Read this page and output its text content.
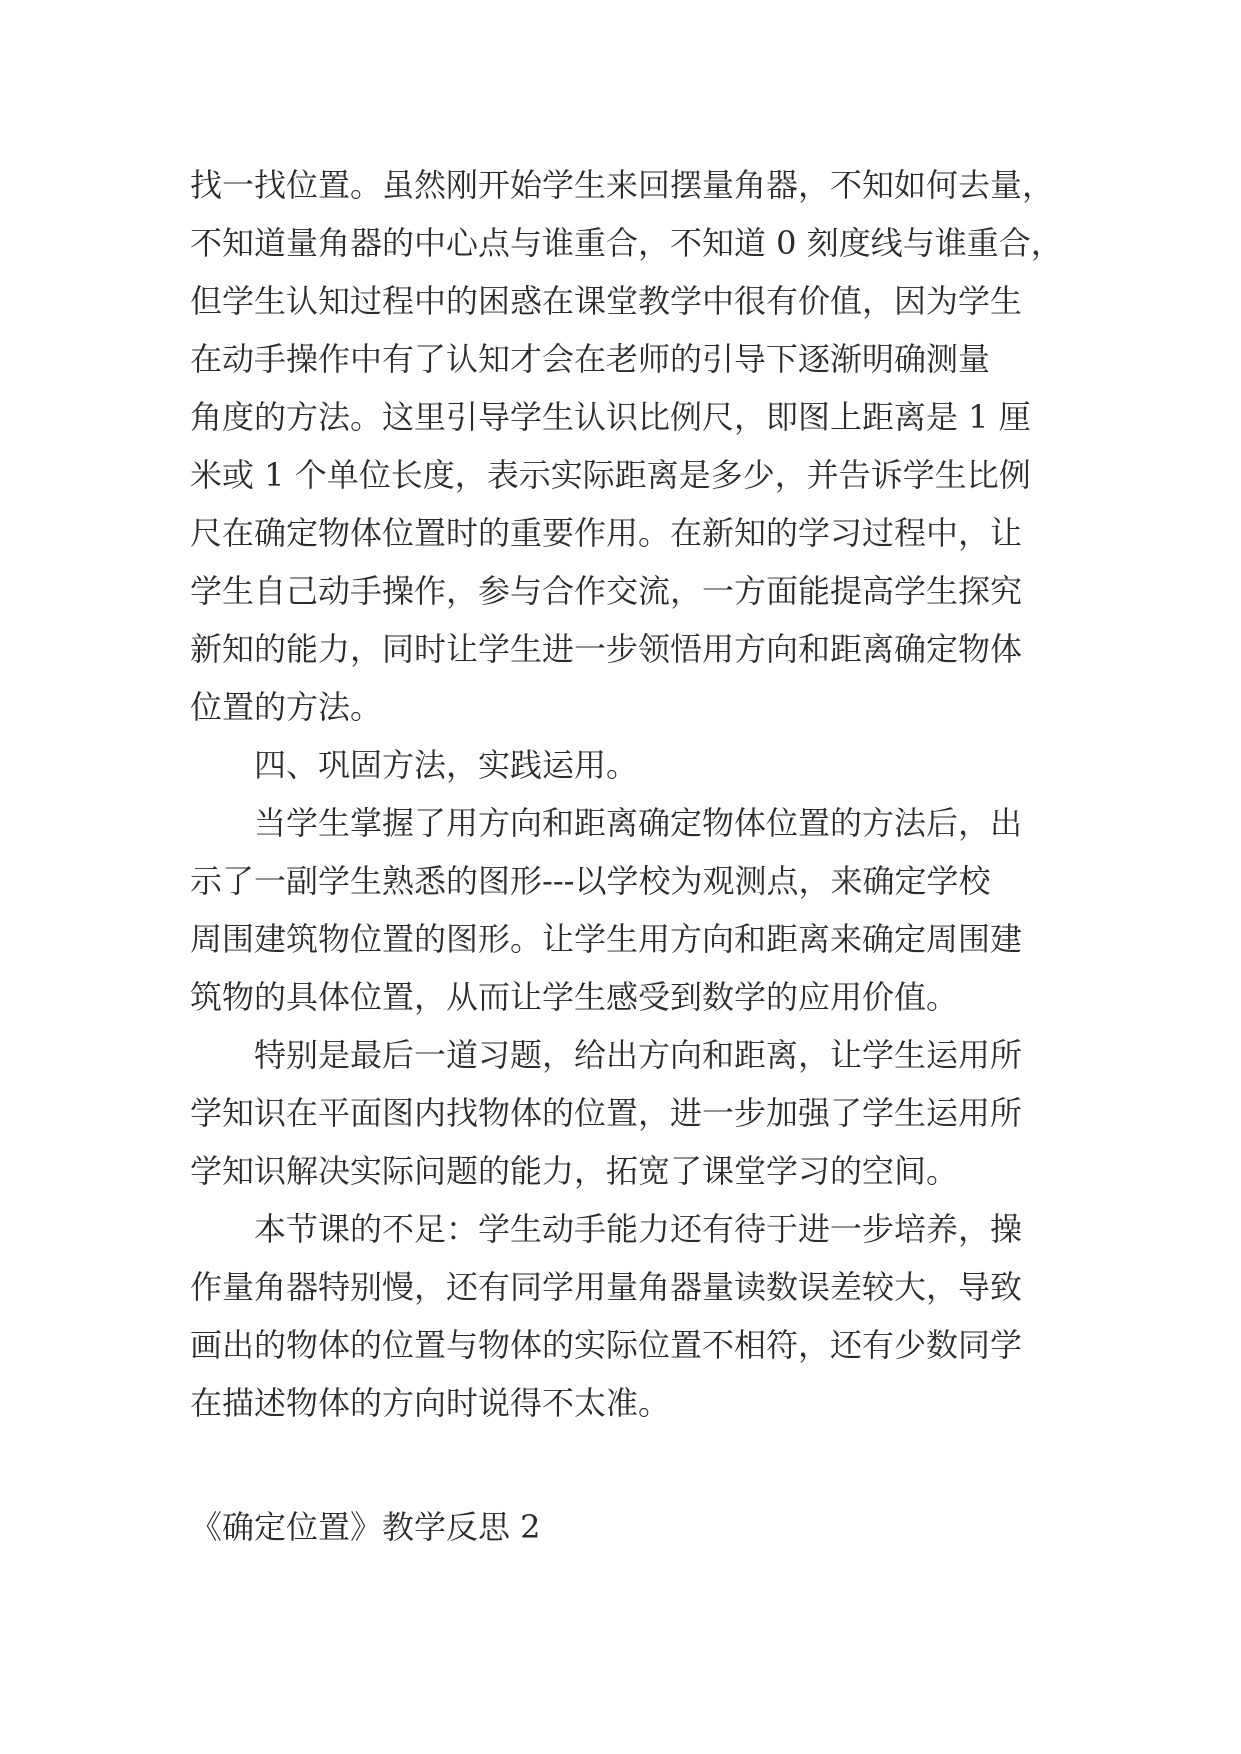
找一找位置。虽然刚开始学生来回摆量角器，不知如何去量，
不知道量角器的中心点与谁重合，不知道 0 刻度线与谁重合，
但学生认知过程中的困惑在课堂教学中很有价值，因为学生
在动手操作中有了认知才会在老师的引导下逐渐明确测量
角度的方法。这里引导学生认识比例尺，即图上距离是 1 厘
米或 1 个单位长度，表示实际距离是多少，并告诉学生比例
尺在确定物体位置时的重要作用。在新知的学习过程中，让
学生自己动手操作，参与合作交流，一方面能提高学生探究
新知的能力，同时让学生进一步领悟用方向和距离确定物体
位置的方法。
四、巩固方法，实践运用。
当学生掌握了用方向和距离确定物体位置的方法后，出
示了一副学生熟悉的图形---以学校为观测点，来确定学校
周围建筑物位置的图形。让学生用方向和距离来确定周围建
筑物的具体位置，从而让学生感受到数学的应用价值。
特别是最后一道习题，给出方向和距离，让学生运用所
学知识在平面图内找物体的位置，进一步加强了学生运用所
学知识解决实际问题的能力，拓宽了课堂学习的空间。
本节课的不足：学生动手能力还有待于进一步培养，操
作量角器特别慢，还有同学用量角器量读数误差较大，导致
画出的物体的位置与物体的实际位置不相符，还有少数同学
在描述物体的方向时说得不太准。
《确定位置》教学反思 2
